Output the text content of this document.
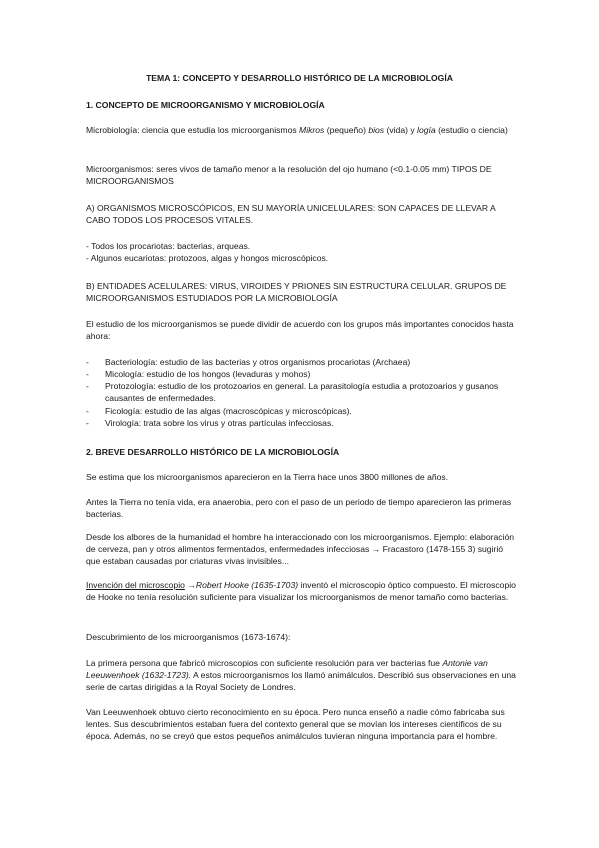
TEMA 1: CONCEPTO Y DESARROLLO HISTÓRICO DE LA MICROBIOLOGÍA

1. CONCEPTO DE MICROORGANISMO Y MICROBIOLOGÍA

Microbiología: ciencia que estudia los microorganismos Mikros (pequeño) bios (vida) y logía (estudio o ciencia)

Microorganismos: seres vivos de tamaño menor a la resolución del ojo humano (<0.1-0.05 mm) TIPOS DE MICROORGANISMOS

A) ORGANISMOS MICROSCÓPICOS, EN SU MAYORÍA UNICELULARES: SON CAPACES DE LLEVAR A CABO TODOS LOS PROCESOS VITALES.

- Todos los procariotas: bacterias, arqueas.

- Algunos eucariotas: protozoos, algas y hongos microscópicos.

B) ENTIDADES ACELULARES: VIRUS, VIROIDES Y PRIONES SIN ESTRUCTURA CELULAR. GRUPOS DE MICROORGANISMOS ESTUDIADOS POR LA MICROBIOLOGÍA

El estudio de los microorganismos se puede dividir de acuerdo con los grupos más importantes conocidos hasta ahora:

- Bacteriología: estudio de las bacterias y otros organismos procariotas (Archaea)
- Micología: estudio de los hongos (levaduras y mohos)
- Protozología: estudio de los protozoarios en general. La parasitología estudia a protozoarios y gusanos causantes de enfermedades.
- Ficología: estudio de las algas (macroscópicas y microscópicas).
- Virología: trata sobre los virus y otras partículas infecciosas.

2. BREVE DESARROLLO HISTÓRICO DE LA MICROBIOLOGÍA

Se estima que los microorganismos aparecieron en la Tierra hace unos 3800 millones de años.

Antes la Tierra no tenía vida, era anaerobia, pero con el paso de un periodo de tiempo aparecieron las primeras bacterias.

Desde los albores de la humanidad el hombre ha interaccionado con los microorganismos. Ejemplo: elaboración de cerveza, pan y otros alimentos fermentados, enfermedades infecciosas → Fracastoro (1478-155 3) sugirió que estaban causadas por criaturas vivas invisibles...

Invención del microscopio →Robert Hooke (1635-1703) inventó el microscopio óptico compuesto. El microscopio de Hooke no tenía resolución suficiente para visualizar los microorganismos de menor tamaño como bacterias.

Descubrimiento de los microorganismos (1673-1674):

La primera persona que fabricó microscopios con suficiente resolución para ver bacterias fue Antonie van Leeuwenhoek (1632-1723). A estos microorganismos los llamó animálculos. Describió sus observaciones en una serie de cartas dirigidas a la Royal Society de Londres.

Van Leeuwenhoek obtuvo cierto reconocimiento en su época. Pero nunca enseñó a nadie cómo fabricaba sus lentes. Sus descubrimientos estaban fuera del contexto general que se movían los intereses científicos de su época. Además, no se creyó que estos pequeños animálculos tuvieran ninguna importancia para el hombre.
